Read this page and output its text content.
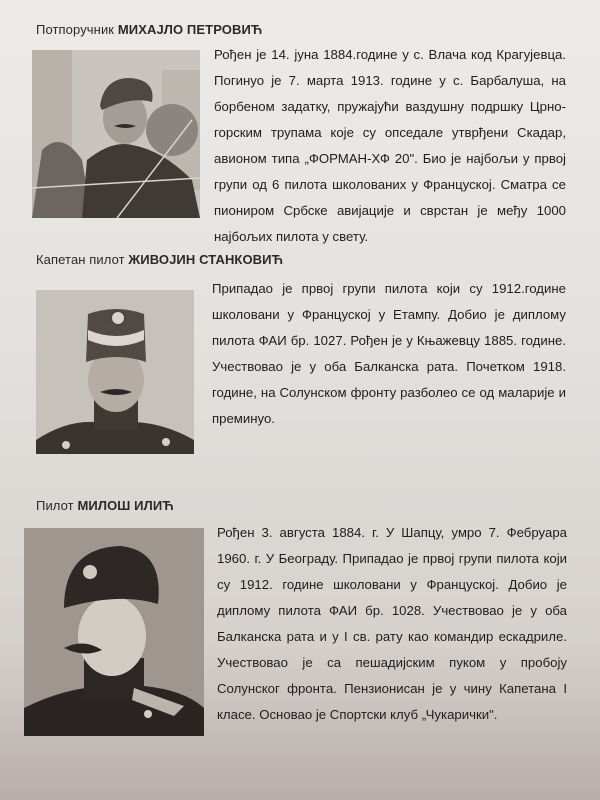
Потпоручник МИХАЈЛО ПЕТРОВИЋ
Рођен је 14. јуна 1884.године у с. Влача код Крагујевца. Погинуо је 7. марта 1913. године у с. Барбалуша, на борбеном задатку, пружајући ваздушну подршку Црно-горским трупама које су опседале утврђени Скадар, авионом типа „ФОРМАН-ХФ 20". Био је најбољи у првој групи од 6 пилота школованих у Француској. Сматра се пиониром Србске авијације и сврстан је међу 1000 најбољих пилота у свету.
Капетан пилот ЖИВОЈИН СТАНКОВИЋ
Припадао је првој групи пилота који су 1912.године школовани у Француској у Етампу. Добио је диплому пилота ФАИ бр. 1027. Рођен је у Књажевцу 1885. године. Учествовао је у оба Балканска рата. Почетком 1918. године, на Солунском фронту разболео се од маларије и преминуо.
Пилот МИЛОШ ИЛИЋ
Рођен 3. августа 1884. г. У Шапцу, умро 7. Фебруара 1960. г. У Београду. Припадао је првој групи пилота који су 1912. године школовани у Француској. Добио је диплому пилота ФАИ бр. 1028. Учествовао је у оба Балканска рата и у I св. рату као командир ескадриле. Учествовао је са пешадијским пуком у пробоју Солунског фронта. Пензионисан је у чину Капетана I класе. Основао је Спортски клуб „Чукарички".
